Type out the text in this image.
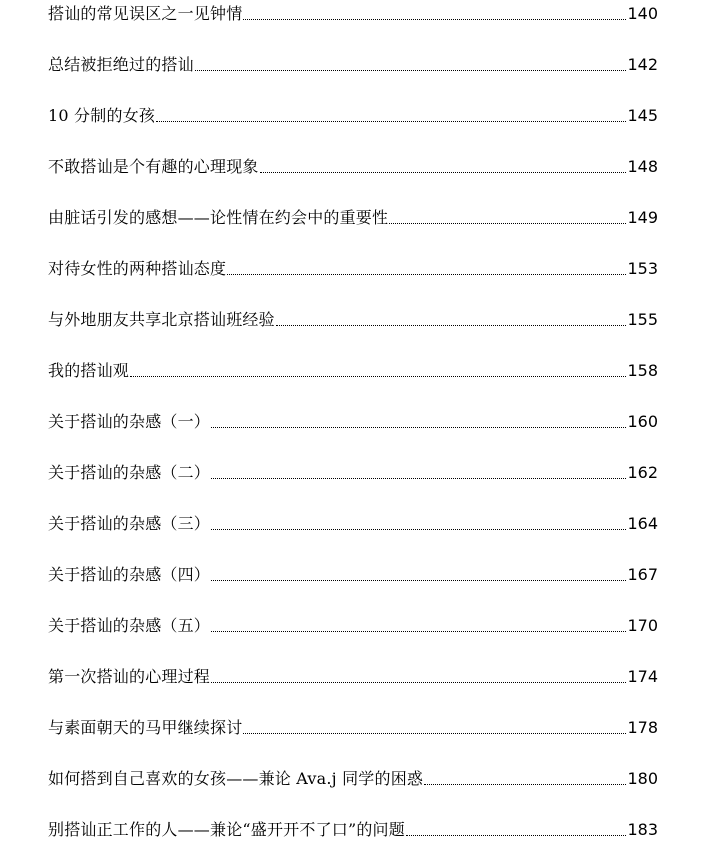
搭讪的常见误区之一见钟情	140
总结被拒绝过的搭讪	142
10 分制的女孩	145
不敢搭讪是个有趣的心理现象	148
由脏话引发的感想——论性情在约会中的重要性	149
对待女性的两种搭讪态度	153
与外地朋友共享北京搭讪班经验	155
我的搭讪观	158
关于搭讪的杂感（一）	160
关于搭讪的杂感（二）	162
关于搭讪的杂感（三）	164
关于搭讪的杂感（四）	167
关于搭讪的杂感（五）	170
第一次搭讪的心理过程	174
与素面朝天的马甲继续探讨	178
如何搭到自己喜欢的女孩——兼论 Ava.j 同学的困惑	180
别搭讪正工作的人——兼论“盛开开不了口”的问题	183
